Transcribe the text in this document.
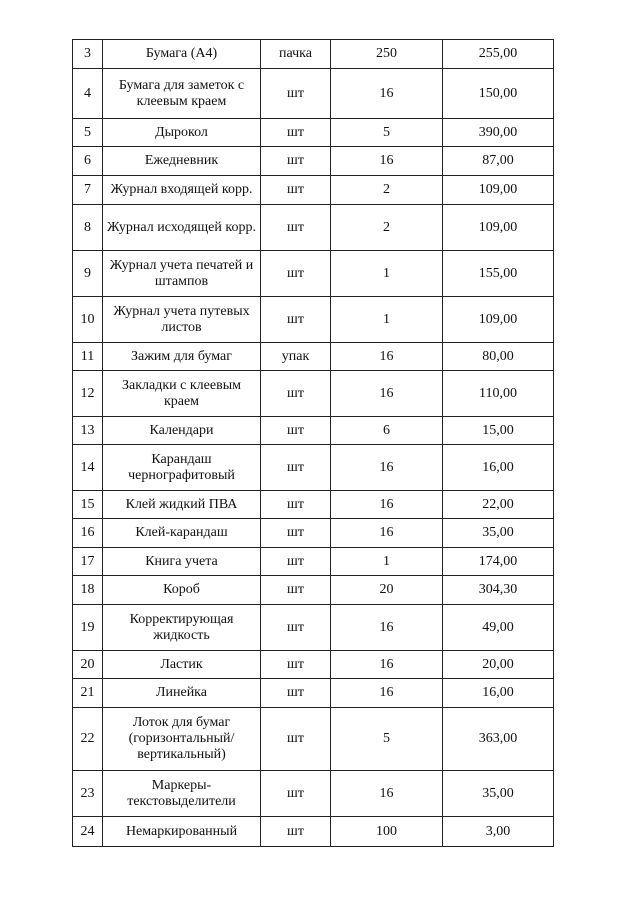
3	Бумага (А4)	пачка	250	255,00
4	Бумага для заметок с клеевым краем	шт	16	150,00
5	Дырокол	шт	5	390,00
6	Ежедневник	шт	16	87,00
7	Журнал входящей корр.	шт	2	109,00
8	Журнал исходящей корр.	шт	2	109,00
9	Журнал учета печатей и штампов	шт	1	155,00
10	Журнал учета путевых листов	шт	1	109,00
11	Зажим для бумаг	упак	16	80,00
12	Закладки с клеевым краем	шт	16	110,00
13	Календари	шт	6	15,00
14	Карандаш чернографитовый	шт	16	16,00
15	Клей жидкий ПВА	шт	16	22,00
16	Клей-карандаш	шт	16	35,00
17	Книга учета	шт	1	174,00
18	Короб	шт	20	304,30
19	Корректирующая жидкость	шт	16	49,00
20	Ластик	шт	16	20,00
21	Линейка	шт	16	16,00
22	Лоток для бумаг (горизонтальный/вертикальный)	шт	5	363,00
23	Маркеры-текстовыделители	шт	16	35,00
24	Немаркированный	шт	100	3,00
